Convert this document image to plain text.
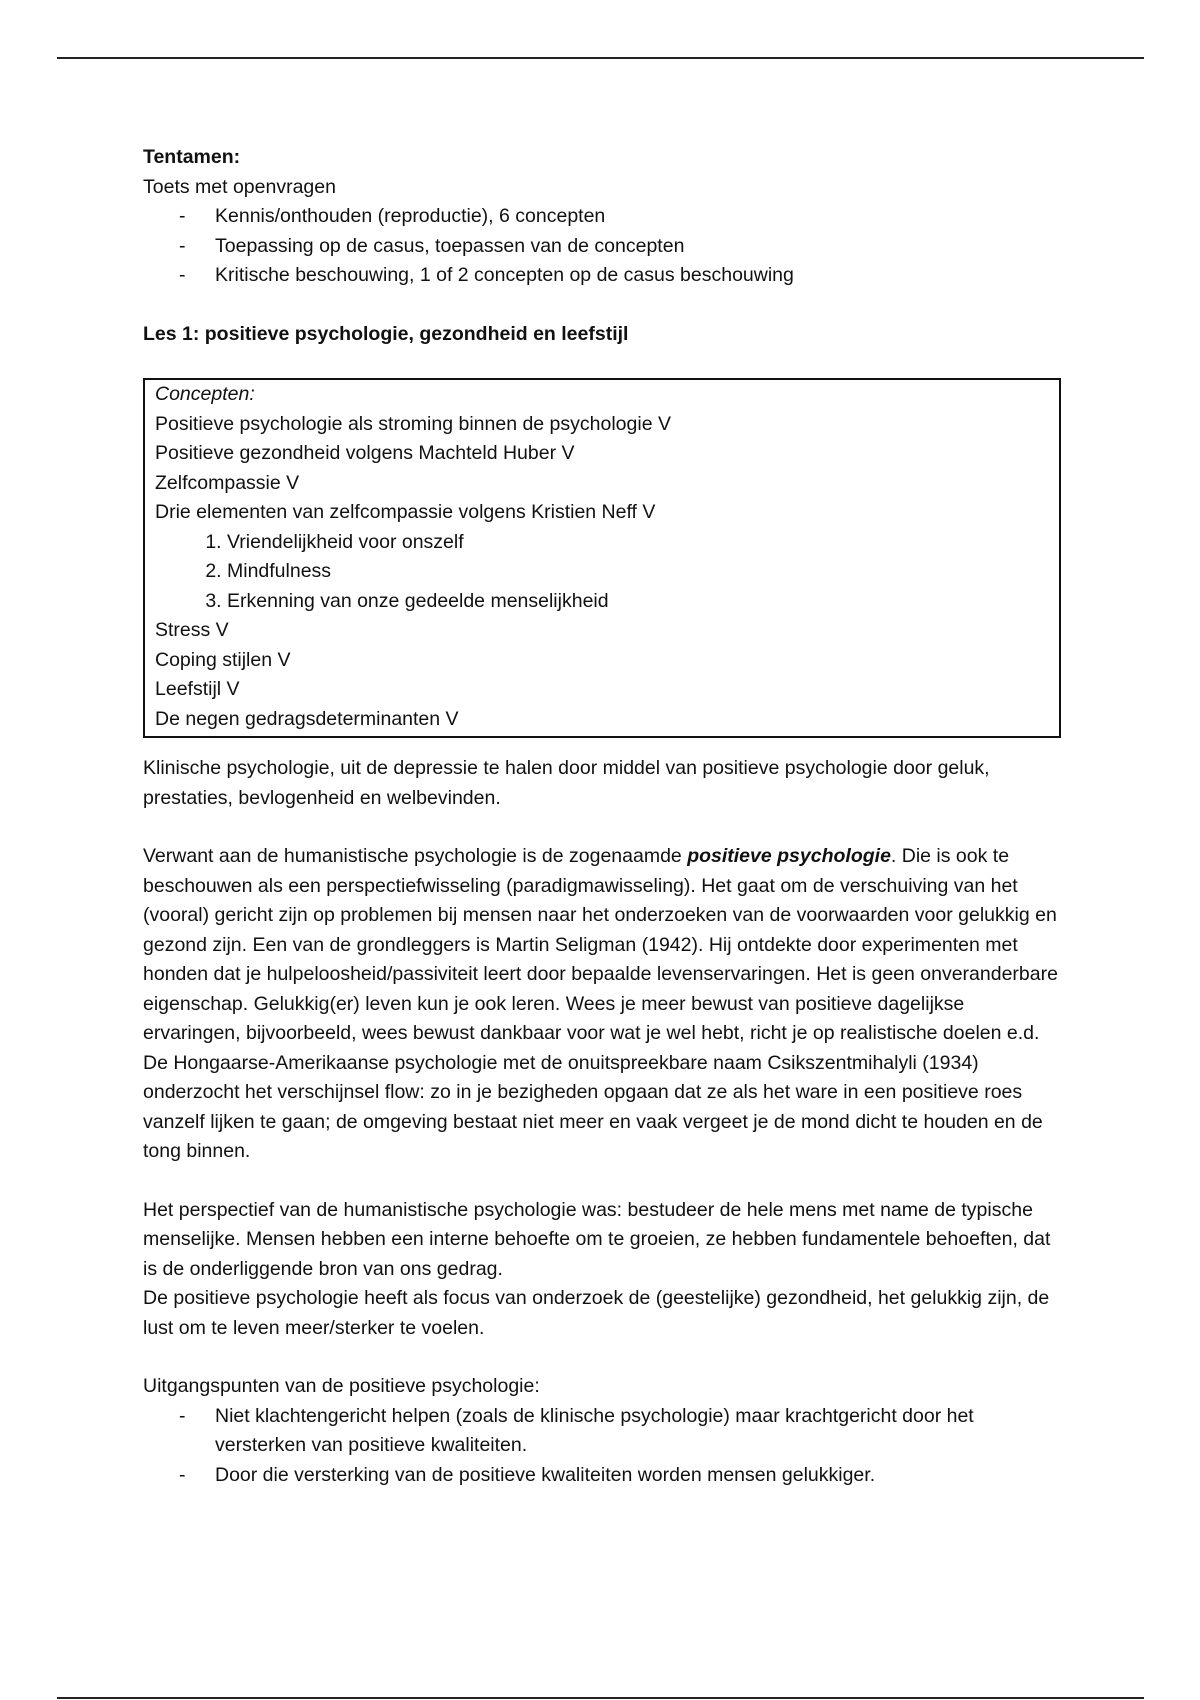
Tentamen:

Toets met openvragen

- Kennis/onthouden (reproductie), 6 concepten
- Toepassing op de casus, toepassen van de concepten
- Kritische beschouwing, 1 of 2 concepten op de casus beschouwing

Les 1: positieve psychologie, gezondheid en leefstijl

Concepten:

Positieve psychologie als stroming binnen de psychologie V

Positieve gezondheid volgens Machteld Huber V

Zelfcompassie V

Drie elementen van zelfcompassie volgens Kristien Neff V

1. Vriendelijkheid voor onszelf
2. Mindfulness
3. Erkenning van onze gedeelde menselijkheid

Stress V

Coping stijlen V

Leefstijl V

De negen gedragsdeterminanten V

Klinische psychologie, uit de depressie te halen door middel van positieve psychologie door geluk, prestaties, bevlogenheid en welbevinden.

Verwant aan de humanistische psychologie is de zogenaamde positieve psychologie. Die is ook te beschouwen als een perspectiefwisseling (paradigmawisseling). Het gaat om de verschuiving van het (vooral) gericht zijn op problemen bij mensen naar het onderzoeken van de voorwaarden voor gelukkig en gezond zijn. Een van de grondleggers is Martin Seligman (1942). Hij ontdekte door experimenten met honden dat je hulpeloosheid/passiviteit leert door bepaalde levenservaringen. Het is geen onveranderbare eigenschap. Gelukkig(er) leven kun je ook leren. Wees je meer bewust van positieve dagelijkse ervaringen, bijvoorbeeld, wees bewust dankbaar voor wat je wel hebt, richt je op realistische doelen e.d. De Hongaarse-Amerikaanse psychologie met de onuitspreekbare naam Csikszentmihalyli (1934) onderzocht het verschijnsel flow: zo in je bezigheden opgaan dat ze als het ware in een positieve roes vanzelf lijken te gaan; de omgeving bestaat niet meer en vaak vergeet je de mond dicht te houden en de tong binnen.

Het perspectief van de humanistische psychologie was: bestudeer de hele mens met name de typische menselijke. Mensen hebben een interne behoefte om te groeien, ze hebben fundamentele behoeften, dat is de onderliggende bron van ons gedrag.

De positieve psychologie heeft als focus van onderzoek de (geestelijke) gezondheid, het gelukkig zijn, de lust om te leven meer/sterker te voelen.

Uitgangspunten van de positieve psychologie:

- Niet klachtengericht helpen (zoals de klinische psychologie) maar krachtgericht door het versterken van positieve kwaliteiten.
- Door die versterking van de positieve kwaliteiten worden mensen gelukkiger.
